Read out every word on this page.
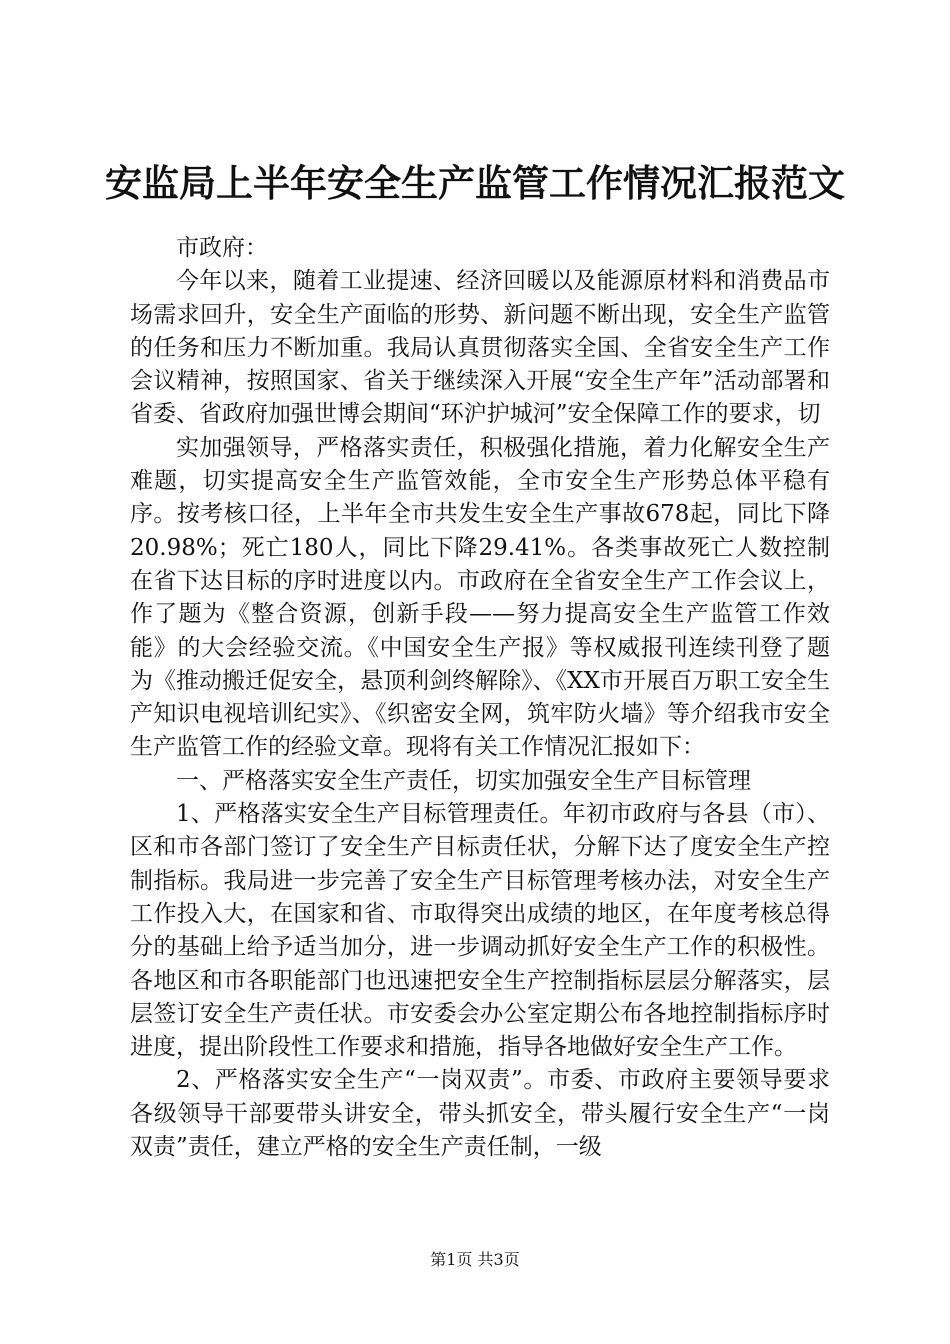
安监局上半年安全生产监管工作情况汇报范文

市政府：

今年以来，随着工业提速、经济回暖以及能源原材料和消费品市场需求回升，安全生产面临的形势、新问题不断出现，安全生产监管的任务和压力不断加重。我局认真贯彻落实全国、全省安全生产工作会议精神，按照国家、省关于继续深入开展“安全生产年”活动部署和省委、省政府加强世博会期间“环沪护城河”安全保障工作的要求，切

实加强领导，严格落实责任，积极强化措施，着力化解安全生产难题，切实提高安全生产监管效能，全市安全生产形势总体平稳有序。按考核口径，上半年全市共发生安全生产事故678起，同比下降20.98%；死亡180人，同比下降29.41%。各类事故死亡人数控制在省下达目标的序时进度以内。市政府在全省安全生产工作会议上，作了题为《整合资源，创新手段——努力提高安全生产监管工作效能》的大会经验交流。《中国安全生产报》等权威报刊连续刊登了题为《推动搬迁促安全，悬顶利剑终解除》、《XX市开展百万职工安全生产知识电视培训纪实》、《织密安全网，筑牢防火墙》等介绍我市安全生产监管工作的经验文章。现将有关工作情况汇报如下：

一、严格落实安全生产责任，切实加强安全生产目标管理

1、严格落实安全生产目标管理责任。年初市政府与各县（市）、区和市各部门签订了安全生产目标责任状，分解下达了度安全生产控制指标。我局进一步完善了安全生产目标管理考核办法，对安全生产工作投入大，在国家和省、市取得突出成绩的地区，在年度考核总得分的基础上给予适当加分，进一步调动抓好安全生产工作的积极性。各地区和市各职能部门也迅速把安全生产控制指标层层分解落实，层层签订安全生产责任状。市安委会办公室定期公布各地控制指标序时进度，提出阶段性工作要求和措施，指导各地做好安全生产工作。

2、严格落实安全生产“一岗双责”。市委、市政府主要领导要求各级领导干部要带头讲安全，带头抓安全，带头履行安全生产“一岗双责”责任，建立严格的安全生产责任制，一级

第1页 共3页
